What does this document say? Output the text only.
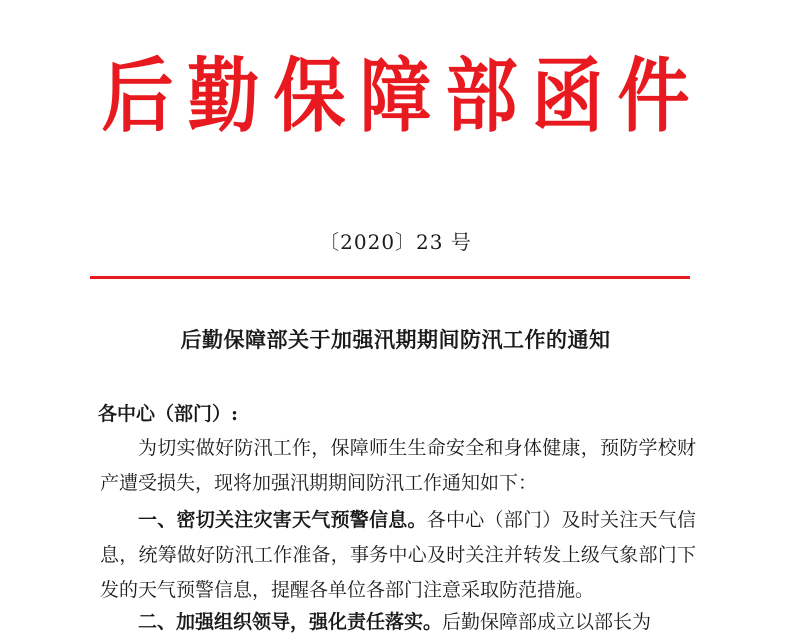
后勤保障部函件
〔2020〕23 号
后勤保障部关于加强汛期期间防汛工作的通知
各中心（部门）:
为切实做好防汛工作，保障师生生命安全和身体健康，预防学校财产遭受损失，现将加强汛期期间防汛工作通知如下：
一、密切关注灾害天气预警信息。各中心（部门）及时关注天气信息，统筹做好防汛工作准备，事务中心及时关注并转发上级气象部门下发的天气预警信息，提醒各单位各部门注意采取防范措施。
二、加强组织领导，强化责任落实。后勤保障部成立以部长为
